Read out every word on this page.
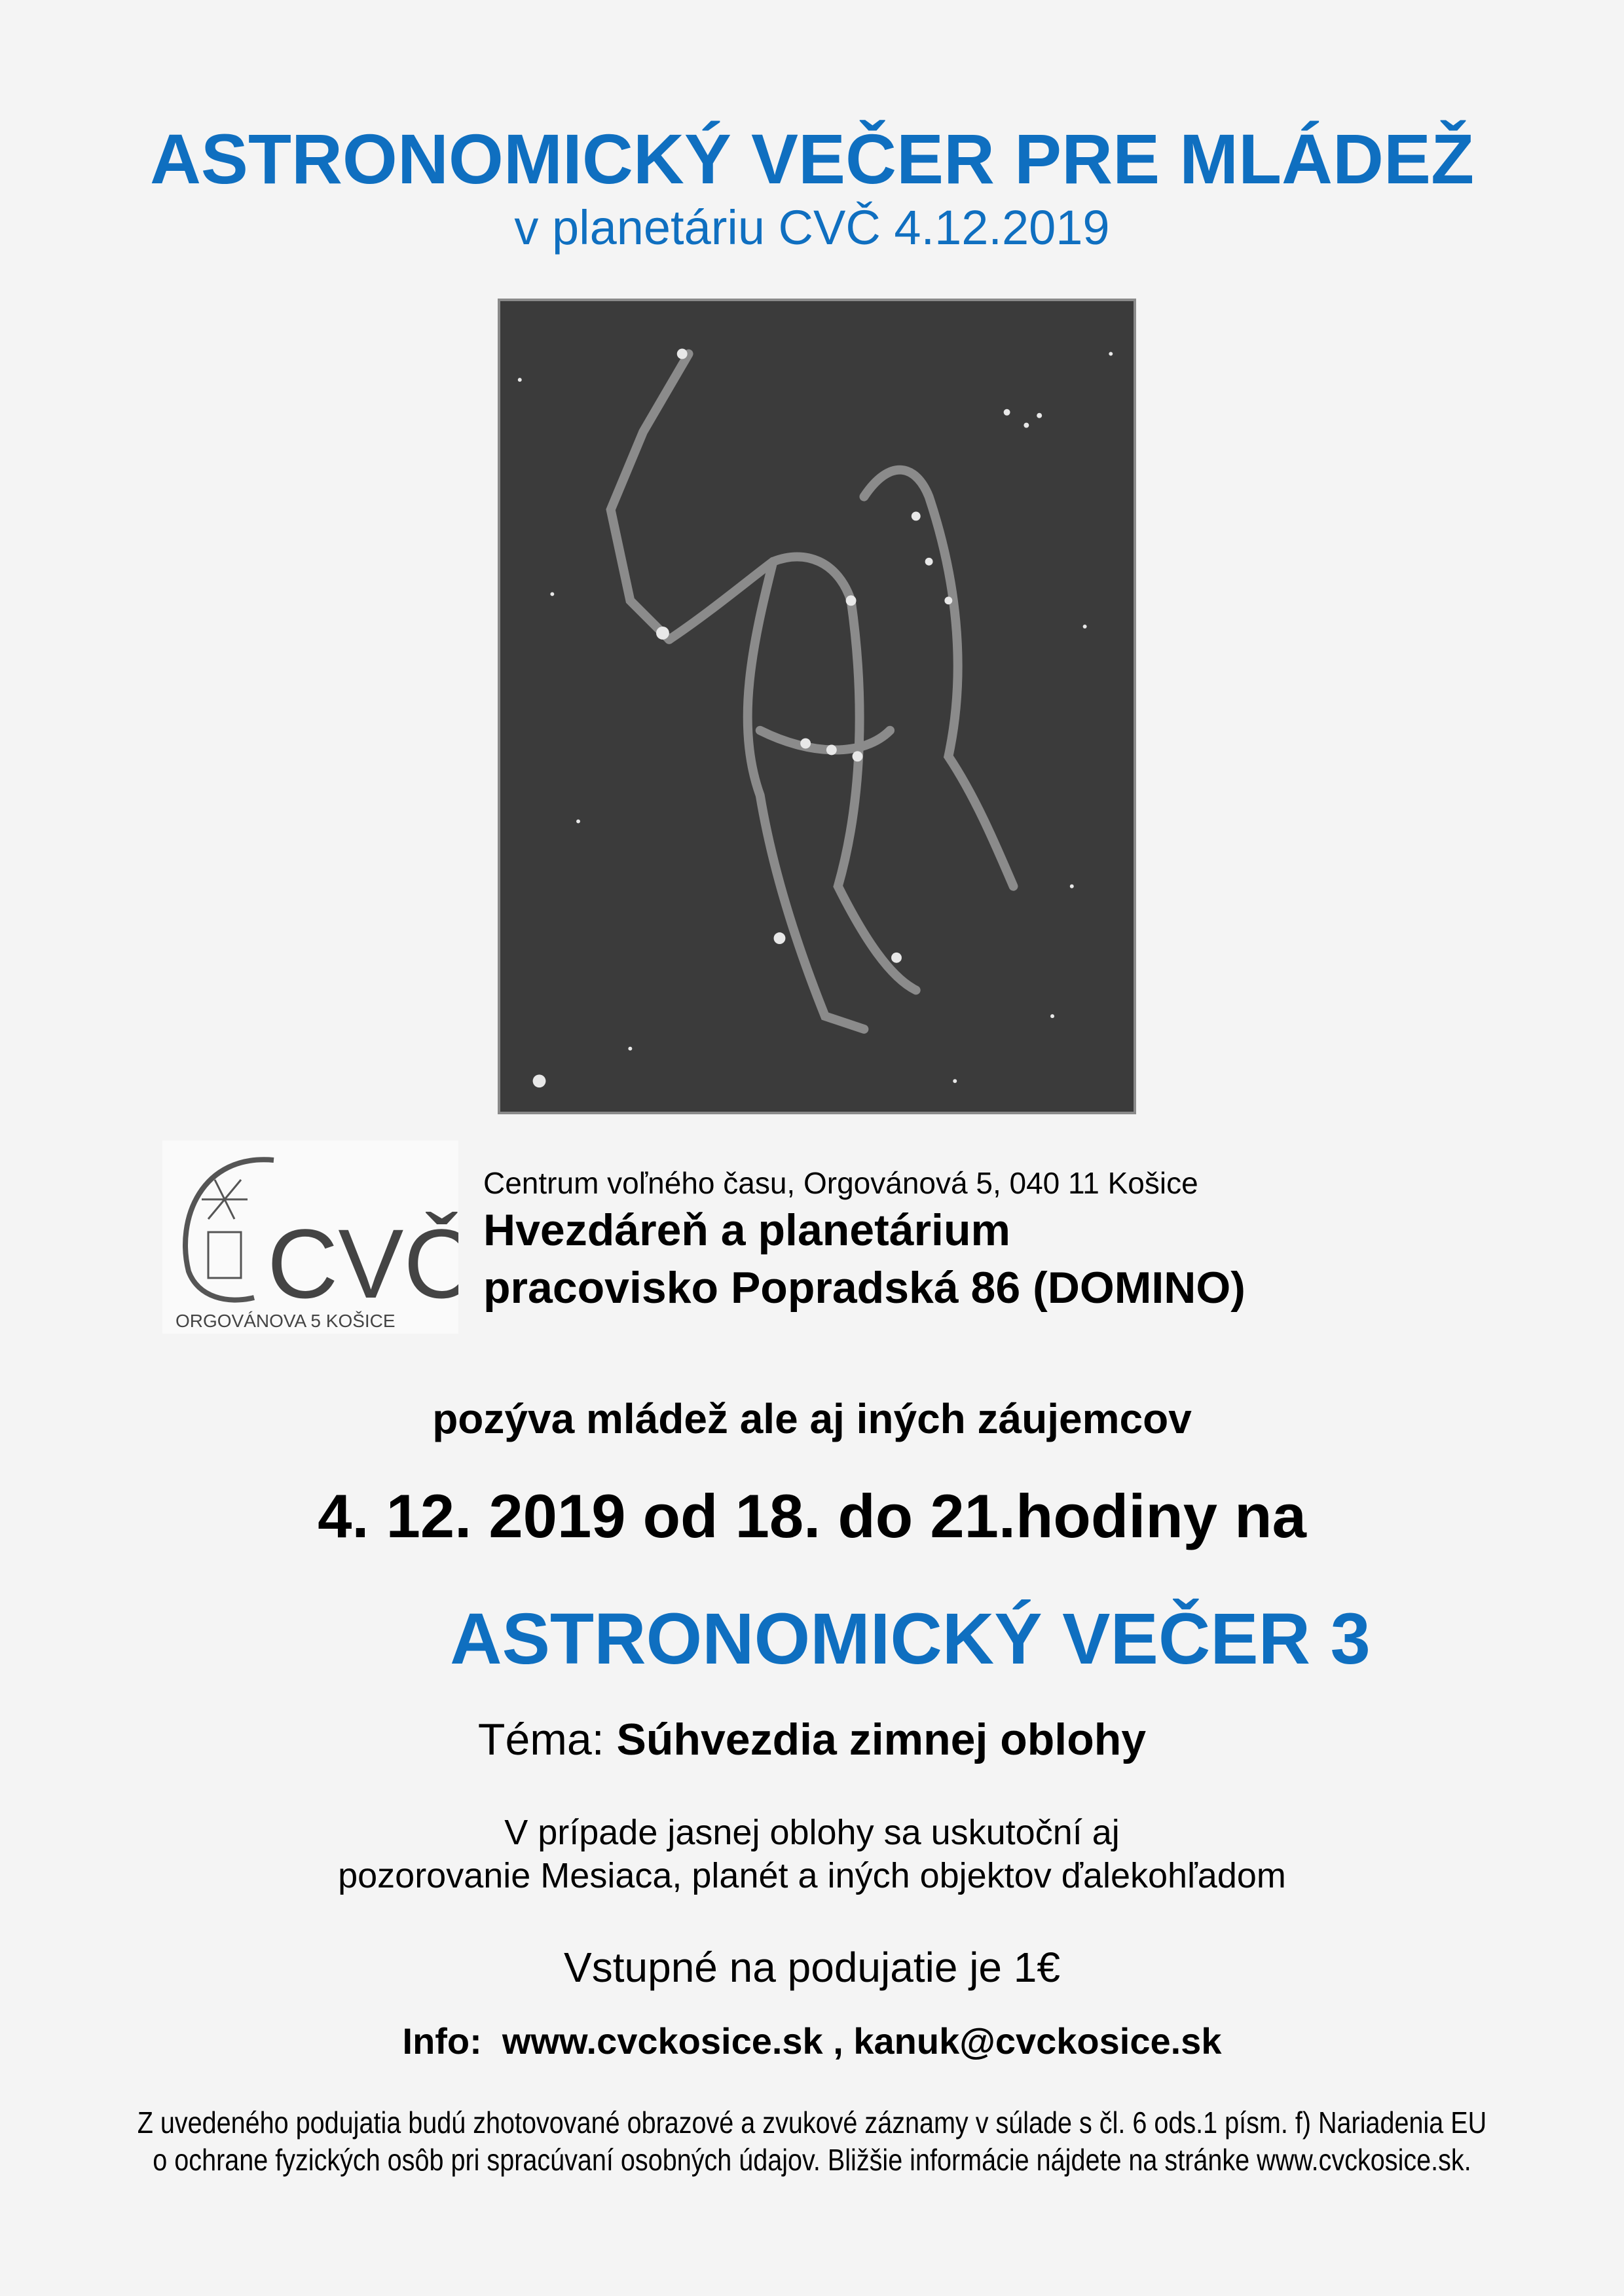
ASTRONOMICKÝ VEČER PRE MLÁDEŽ
v planetáriu CVČ 4.12.2019
CVČ
ORGOVÁNOVA 5 KOŠICE
Centrum voľného času, Orgovánová 5, 040 11 Košice
Hvezdáreň a planetárium
pracovisko Popradská 86 (DOMINO)
pozýva mládež ale aj iných záujemcov
4. 12. 2019 od 18. do 21.hodiny na
ASTRONOMICKÝ VEČER 3
Téma: Súhvezdia zimnej oblohy
V prípade jasnej oblohy sa uskutoční aj
pozorovanie Mesiaca, planét a iných objektov ďalekohľadom
Vstupné na podujatie je 1€
Info: www.cvckosice.sk , kanuk@cvckosice.sk
Z uvedeného podujatia budú zhotovované obrazové a zvukové záznamy v súlade s čl. 6 ods.1 písm. f) Nariadenia EU
o ochrane fyzických osôb pri spracúvaní osobných údajov. Bližšie informácie nájdete na stránke www.cvckosice.sk.
